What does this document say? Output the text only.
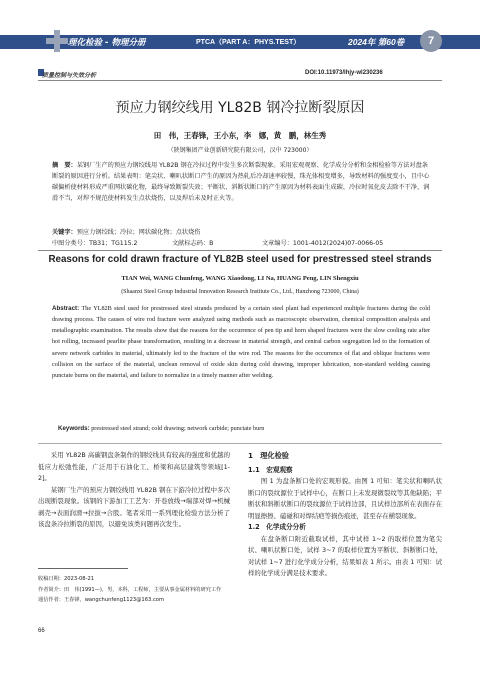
理化检验 - 物理分册	PTCA（PART A：PHYS.TEST）	2024年 第60卷	7
质量控制与失效分析	DOI:10.11973/lhjy-wl230236
预应力钢绞线用 YL82B 钢冷拉断裂原因
田　伟，王春锋，王小东，李　娜，黄　鹏，林生秀
（陕钢集团产业创新研究院有限公司，汉中 723000）
摘　要：某钢厂生产的预应力钢绞线用 YL82B 钢在冷拉过程中发生多次断裂现象。采用宏观观察、化学成分分析和金相检验等方法对盘条断裂的原因进行分析。结果表明：笔尖状、喇叭状断口产生的原因为热轧后冷却速率较慢，珠光体相变增多，导致材料的强度变小，且中心碳偏析使材料形成严重网状碳化物，最终导致断裂失效；平断状、斜断状断口的产生原因为材料表面生成碳、冷拉时氧化皮去除不干净，润滑不当，对焊不规范使材料发生点状烧伤，以及焊后未及时正火等。
关键字：预应力钢绞线；冷拉；网状碳化物；点状烧伤
中图分类号：TB31；TG115.2	文献标志码：B	文章编号：1001-4012(2024)07-0066-05
Reasons for cold drawn fracture of YL82B steel used for prestressed steel strands
TIAN Wei, WANG Chunfeng, WANG Xiaodong, LI Na, HUANG Peng, LIN Shengxiu
(Shaanxi Steel Group Industrial Innovation Research Institute Co., Ltd., Hanzhong 723000, China)
Abstract: The YL82B steel used for prestressed steel strands produced by a certain steel plant had experienced multiple fractures during the cold drawing process. The causes of wire rod fracture were analyzed using methods such as macroscopic observation, chemical composition analysis and metallographic examination. The results show that the reasons for the occurrence of pen tip and horn shaped fractures were the slow cooling rate after hot rolling, increased pearlite phase transformation, resulting in a decrease in material strength, and central carbon segregation led to the formation of severe network carbides in material, ultimately led to the fracture of the wire rod. The reasons for the occurrence of flat and oblique fractures were collision on the surface of the material, unclean removal of oxide skin during cold drawing, improper lubrication, non-standard welding causing punctate burns on the material, and failure to normalize in a timely manner after welding.
Keywords: prestressed steel strand; cold drawing; network carbide; punctate burn

采用 YL82B 高碳钢盘条制作的钢绞线具有较高的强度和优越的低应力松弛性能，广泛用于石油化工、桥梁和高层建筑等领域[1-2]。

某钢厂生产的预应力钢绞线用 YL82B 钢在下游冷拉过程中多次出现断裂现象。该钢的下游加工工艺为：开卷放线→端部对焊→机械剥壳→表面润滑→拉拔→合股。笔者采用一系列理化检验方法分析了该盘条冷拉断裂的原因，以避免该类问题再次发生。

收稿日期：2023-08-21
作者简介：田　伟(1991—)，男，本科，工程师，主要从事金属材料的研究工作
通信作者：王春锋，wangchunfeng1123@163.com
66
1　理化检验
1.1　宏观观察

图 1 为盘条断口处的宏观形貌。由图 1 可知：笔尖状和喇叭状断口的裂纹源位于试样中心，在断口上未发现微裂纹等其他缺陷；平断状和斜断状断口的裂纹源位于试样边部，且试样边部所在表面存在明显擦擦、磕碰和对焊结疤等损伤痕迹，甚至存在横裂现象。

1.2　化学成分分析

在盘条断口附近截取试样，其中试样 1~2 的取样位置为笔尖状、喇叭状断口处，试样 3~7 的取样位置为平断状、斜断断口处，对试样 1~7 进行化学成分分析，结果如表 1 所示。由表 1 可知：试样的化学成分满足技术要求。
